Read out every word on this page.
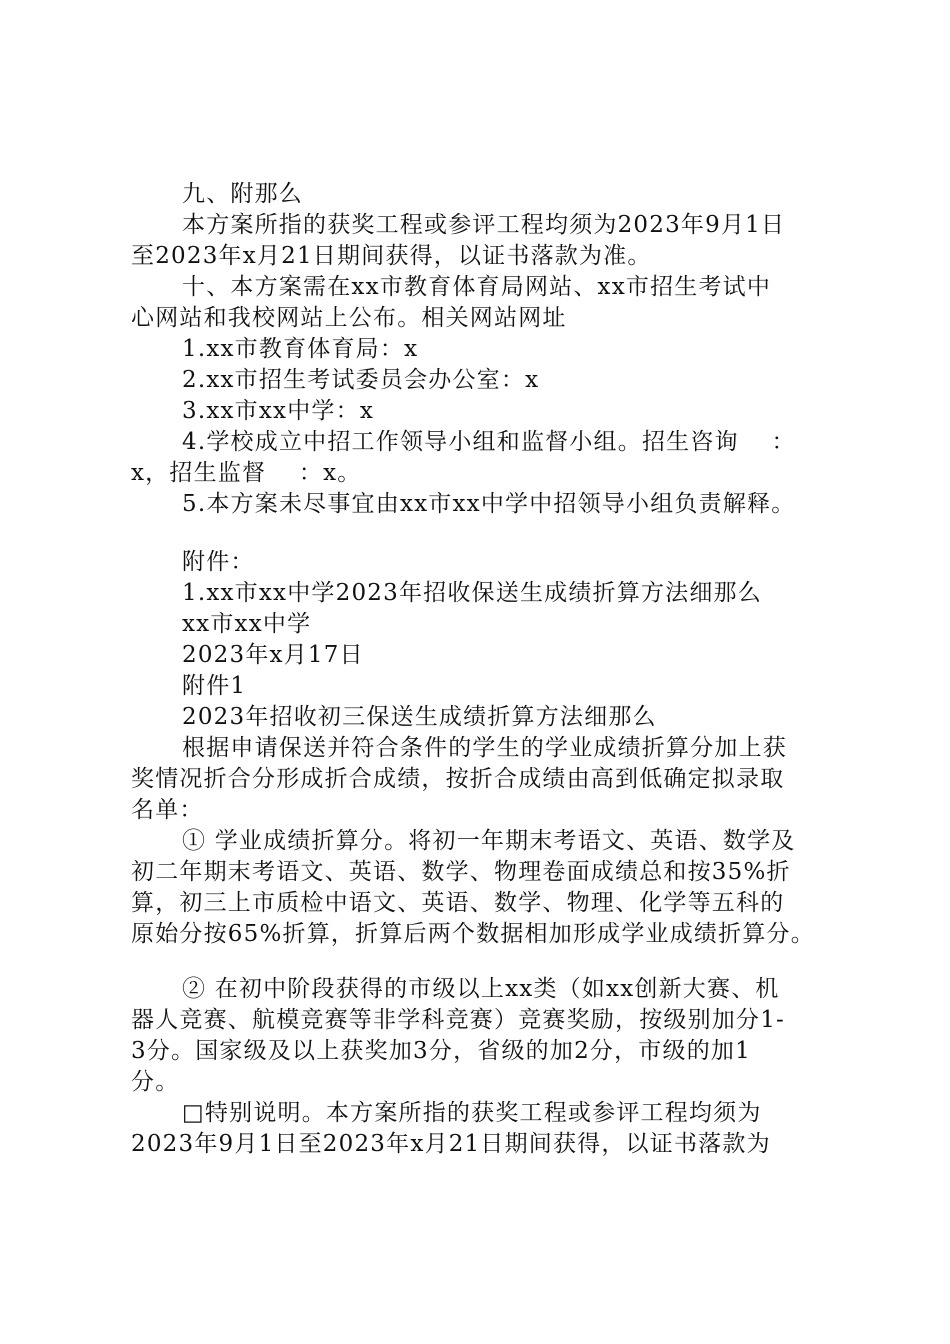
九、附那么
本方案所指的获奖工程或参评工程均须为2023年9月1日
至2023年x月21日期间获得，以证书落款为准。
十、本方案需在xx市教育体育局网站、xx市招生考试中
心网站和我校网站上公布。相关网站网址
1.xx市教育体育局：x
2.xx市招生考试委员会办公室：x
3.xx市xx中学：x
4.学校成立中招工作领导小组和监督小组。招生咨询　 ：
x，招生监督　 ：x。
5.本方案未尽事宜由xx市xx中学中招领导小组负责解释。
附件：
1.xx市xx中学2023年招收保送生成绩折算方法细那么
xx市xx中学
2023年x月17日
附件1
2023年招收初三保送生成绩折算方法细那么
根据申请保送并符合条件的学生的学业成绩折算分加上获
奖情况折合分形成折合成绩，按折合成绩由高到低确定拟录取
名单：
① 学业成绩折算分。将初一年期末考语文、英语、数学及
初二年期末考语文、英语、数学、物理卷面成绩总和按35%折
算，初三上市质检中语文、英语、数学、物理、化学等五科的
原始分按65%折算，折算后两个数据相加形成学业成绩折算分。
② 在初中阶段获得的市级以上xx类（如xx创新大赛、机
器人竞赛、航模竞赛等非学科竞赛）竞赛奖励，按级别加分1-
3分。国家级及以上获奖加3分，省级的加2分，市级的加1
分。
□特别说明。本方案所指的获奖工程或参评工程均须为
2023年9月1日至2023年x月21日期间获得，以证书落款为
